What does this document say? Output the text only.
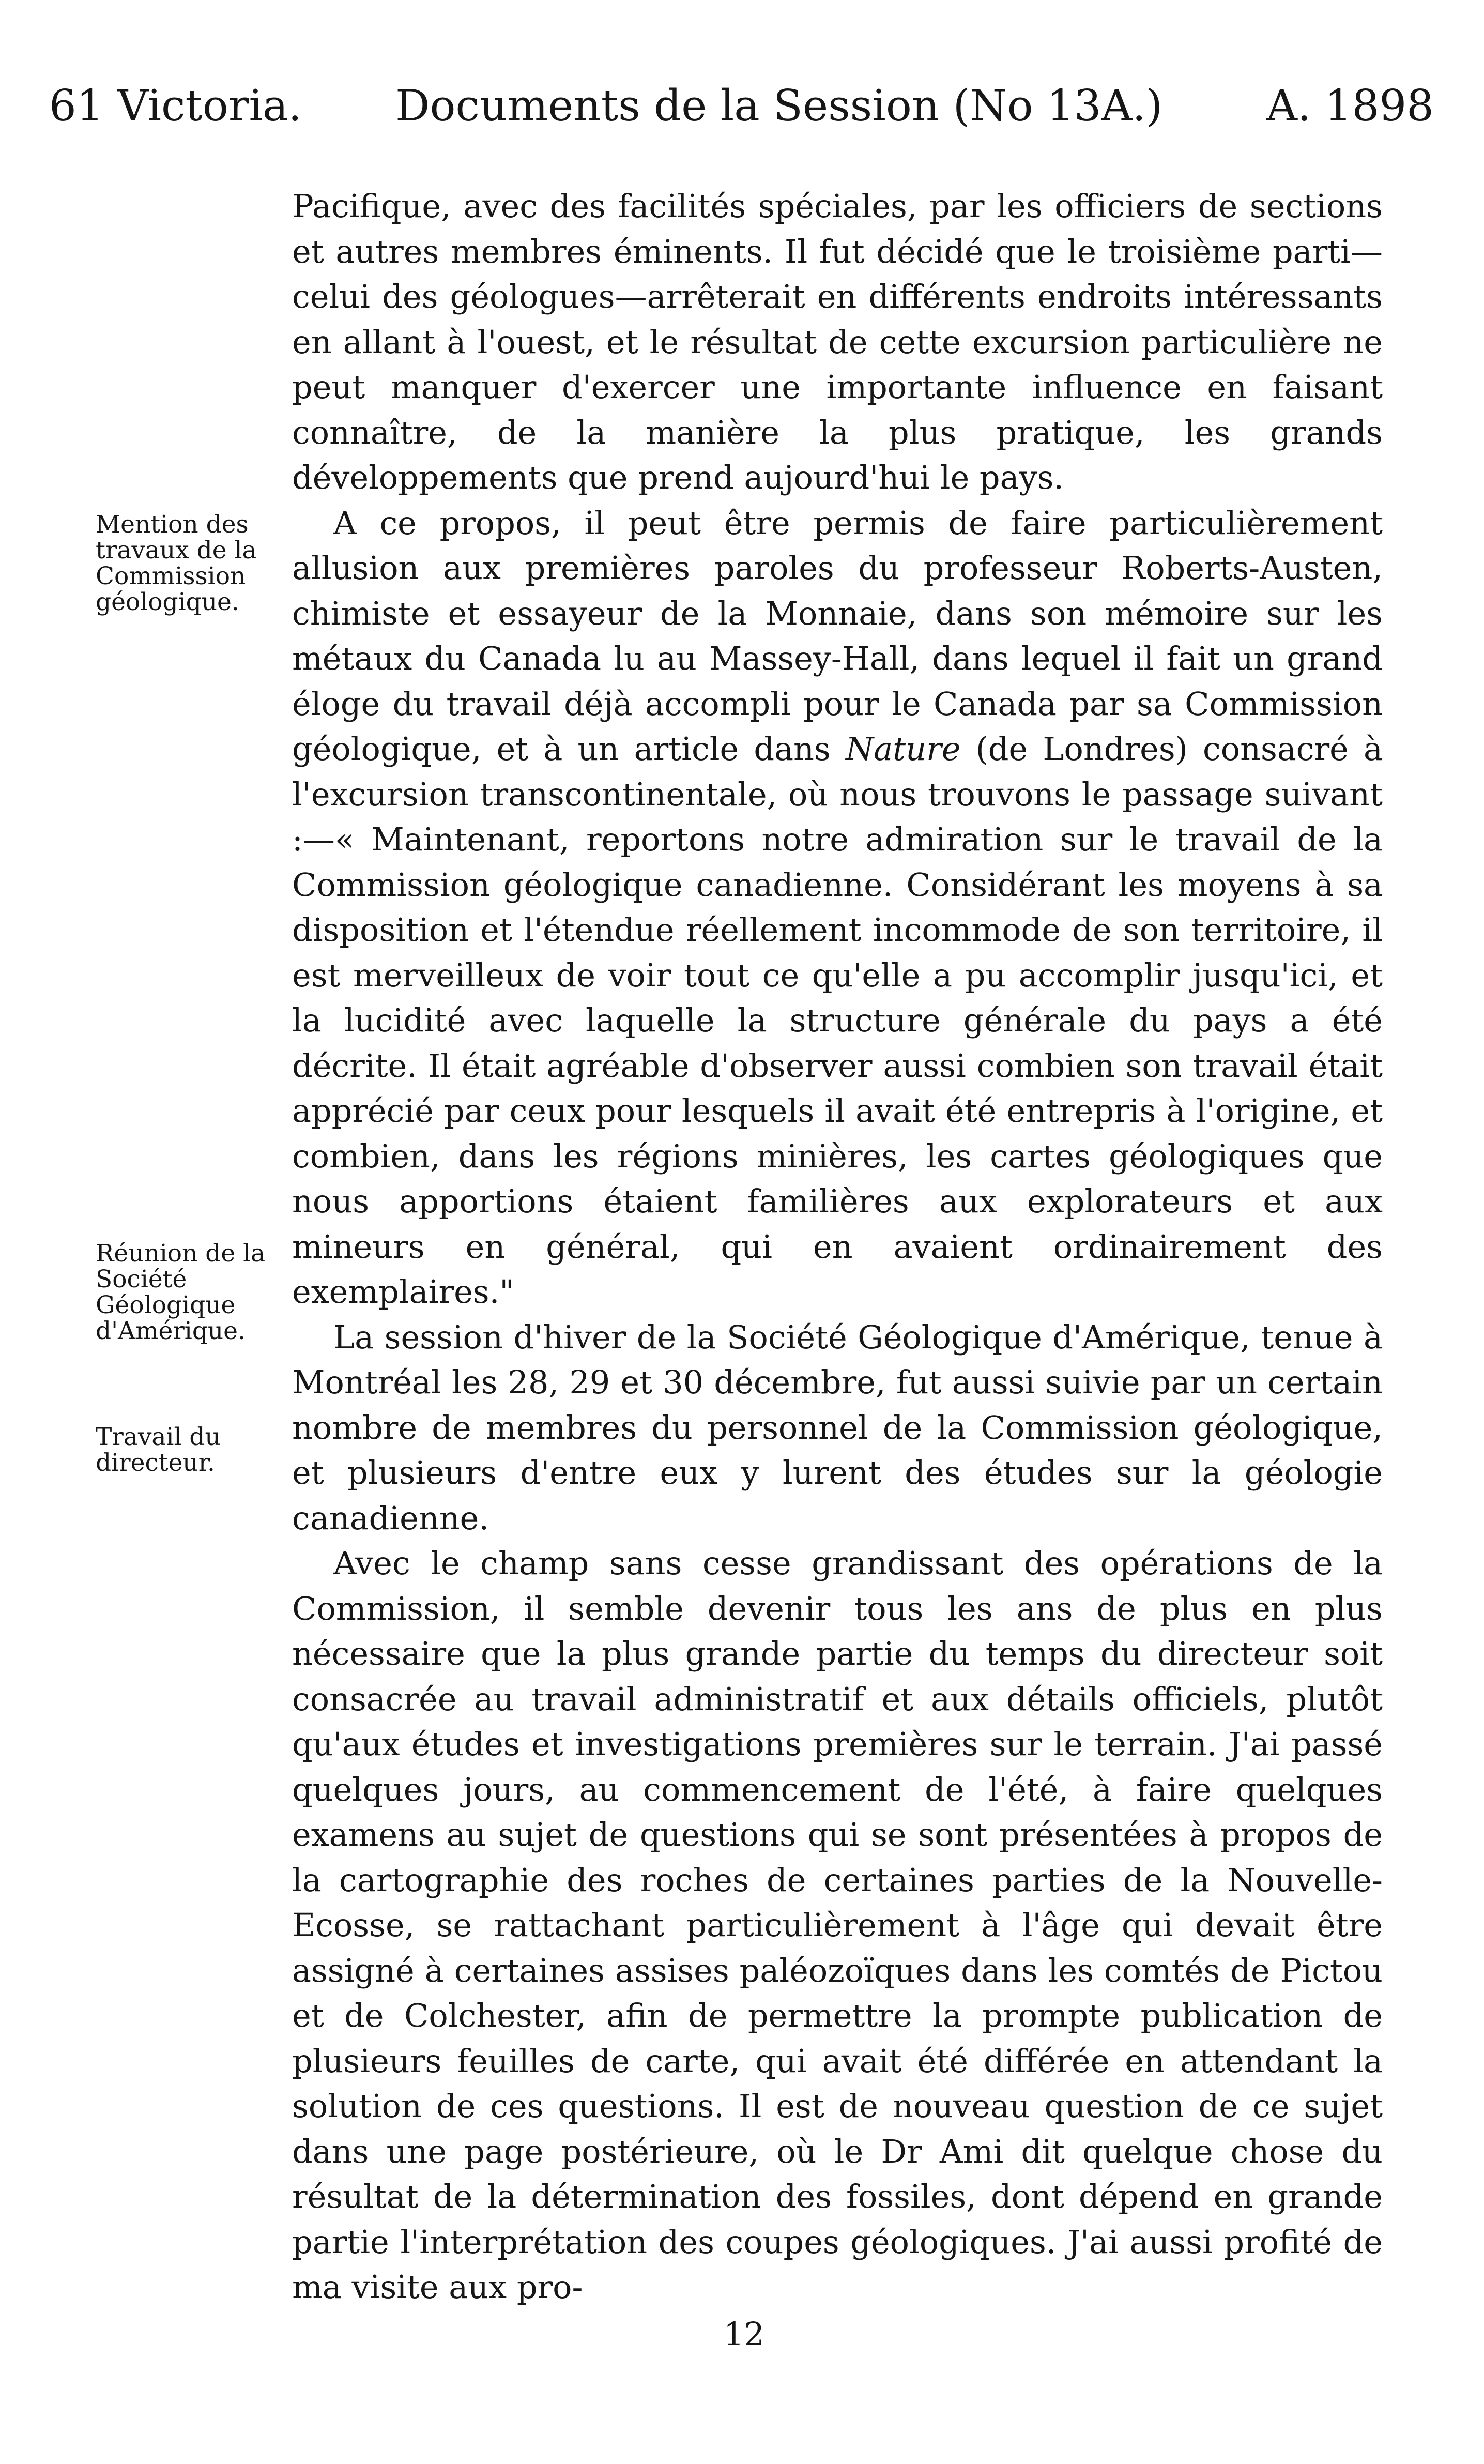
61 Victoria. Documents de la Session (No 13A.) A. 1898
Mention des travaux de la Commission géologique.
Réunion de la Société Géologique d'Amérique.
Travail du directeur.

Pacifique, avec des facilités spéciales, par les officiers de sections et autres membres éminents. Il fut décidé que le troisième parti—celui des géologues—arrêterait en différents endroits intéressants en allant à l'ouest, et le résultat de cette excursion particulière ne peut manquer d'exercer une importante influence en faisant connaître, de la manière la plus pratique, les grands développements que prend aujourd'hui le pays.

A ce propos, il peut être permis de faire particulièrement allusion aux premières paroles du professeur Roberts-Austen, chimiste et essayeur de la Monnaie, dans son mémoire sur les métaux du Canada lu au Massey-Hall, dans lequel il fait un grand éloge du travail déjà accompli pour le Canada par sa Commission géologique, et à un article dans Nature (de Londres) consacré à l'excursion transcontinentale, où nous trouvons le passage suivant :—« Maintenant, reportons notre admiration sur le travail de la Commission géologique canadienne. Considérant les moyens à sa disposition et l'étendue réellement incommode de son territoire, il est merveilleux de voir tout ce qu'elle a pu accomplir jusqu'ici, et la lucidité avec laquelle la structure générale du pays a été décrite. Il était agréable d'observer aussi combien son travail était apprécié par ceux pour lesquels il avait été entrepris à l'origine, et combien, dans les régions minières, les cartes géologiques que nous apportions étaient familières aux explorateurs et aux mineurs en général, qui en avaient ordinairement des exemplaires."

La session d'hiver de la Société Géologique d'Amérique, tenue à Montréal les 28, 29 et 30 décembre, fut aussi suivie par un certain nombre de membres du personnel de la Commission géologique, et plusieurs d'entre eux y lurent des études sur la géologie canadienne.

Avec le champ sans cesse grandissant des opérations de la Commission, il semble devenir tous les ans de plus en plus nécessaire que la plus grande partie du temps du directeur soit consacrée au travail administratif et aux détails officiels, plutôt qu'aux études et investigations premières sur le terrain. J'ai passé quelques jours, au commencement de l'été, à faire quelques examens au sujet de questions qui se sont présentées à propos de la cartographie des roches de certaines parties de la Nouvelle-Ecosse, se rattachant particulièrement à l'âge qui devait être assigné à certaines assises paléozoïques dans les comtés de Pictou et de Colchester, afin de permettre la prompte publication de plusieurs feuilles de carte, qui avait été différée en attendant la solution de ces questions. Il est de nouveau question de ce sujet dans une page postérieure, où le Dr Ami dit quelque chose du résultat de la détermination des fossiles, dont dépend en grande partie l'interprétation des coupes géologiques. J'ai aussi profité de ma visite aux pro-

12
